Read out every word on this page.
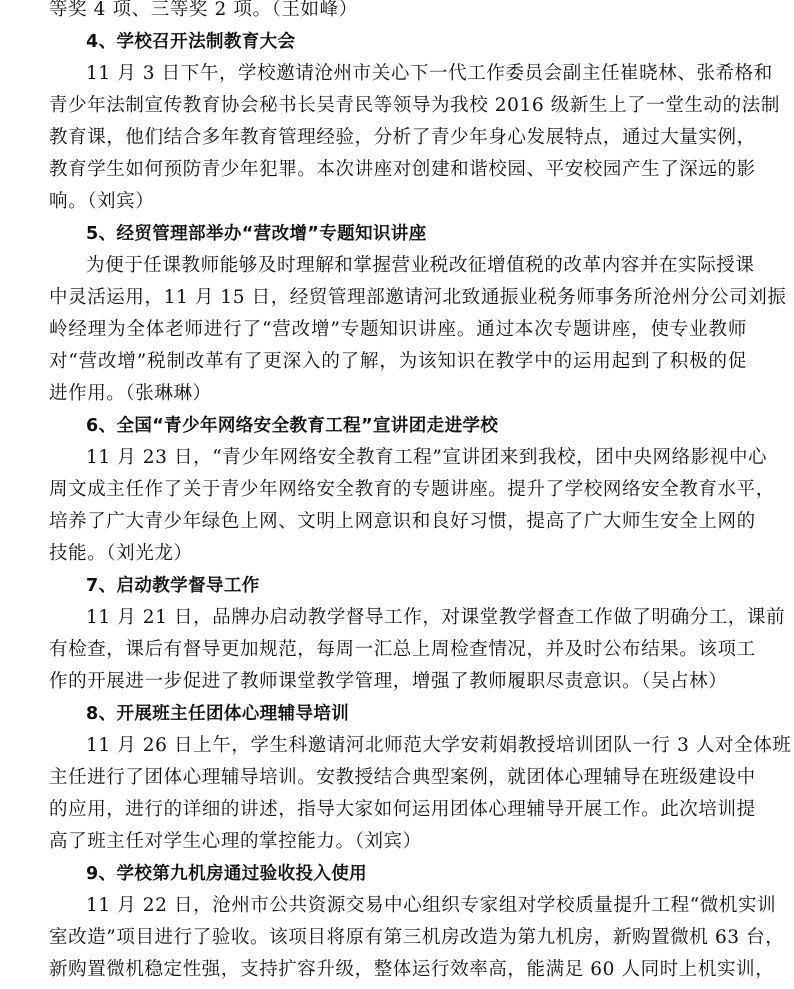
等奖 4 项、三等奖 2 项。（王如峰）
4、学校召开法制教育大会
11 月 3 日下午，学校邀请沧州市关心下一代工作委员会副主任崔晓林、张希格和
青少年法制宣传教育协会秘书长吴青民等领导为我校 2016 级新生上了一堂生动的法制
教育课，他们结合多年教育管理经验，分析了青少年身心发展特点，通过大量实例，
教育学生如何预防青少年犯罪。本次讲座对创建和谐校园、平安校园产生了深远的影
响。（刘宾）
5、经贸管理部举办“营改增”专题知识讲座
为便于任课教师能够及时理解和掌握营业税改征增值税的改革内容并在实际授课
中灵活运用，11 月 15 日，经贸管理部邀请河北致通振业税务师事务所沧州分公司刘振
岭经理为全体老师进行了“营改增”专题知识讲座。通过本次专题讲座，使专业教师
对“营改增”税制改革有了更深入的了解，为该知识在教学中的运用起到了积极的促
进作用。（张琳琳）
6、全国“青少年网络安全教育工程”宣讲团走进学校
11 月 23 日，“青少年网络安全教育工程”宣讲团来到我校，团中央网络影视中心
周文成主任作了关于青少年网络安全教育的专题讲座。提升了学校网络安全教育水平，
培养了广大青少年绿色上网、文明上网意识和良好习惯，提高了广大师生安全上网的
技能。（刘光龙）
7、启动教学督导工作
11 月 21 日，品牌办启动教学督导工作，对课堂教学督查工作做了明确分工，课前
有检查，课后有督导更加规范，每周一汇总上周检查情况，并及时公布结果。该项工
作的开展进一步促进了教师课堂教学管理，增强了教师履职尽责意识。（吴占林）
8、开展班主任团体心理辅导培训
11 月 26 日上午，学生科邀请河北师范大学安莉娟教授培训团队一行 3 人对全体班
主任进行了团体心理辅导培训。安教授结合典型案例，就团体心理辅导在班级建设中
的应用，进行的详细的讲述，指导大家如何运用团体心理辅导开展工作。此次培训提
高了班主任对学生心理的掌控能力。（刘宾）
9、学校第九机房通过验收投入使用
11 月 22 日，沧州市公共资源交易中心组织专家组对学校质量提升工程“微机实训
室改造”项目进行了验收。该项目将原有第三机房改造为第九机房，新购置微机 63 台，
新购置微机稳定性强，支持扩容升级，整体运行效率高，能满足 60 人同时上机实训，
